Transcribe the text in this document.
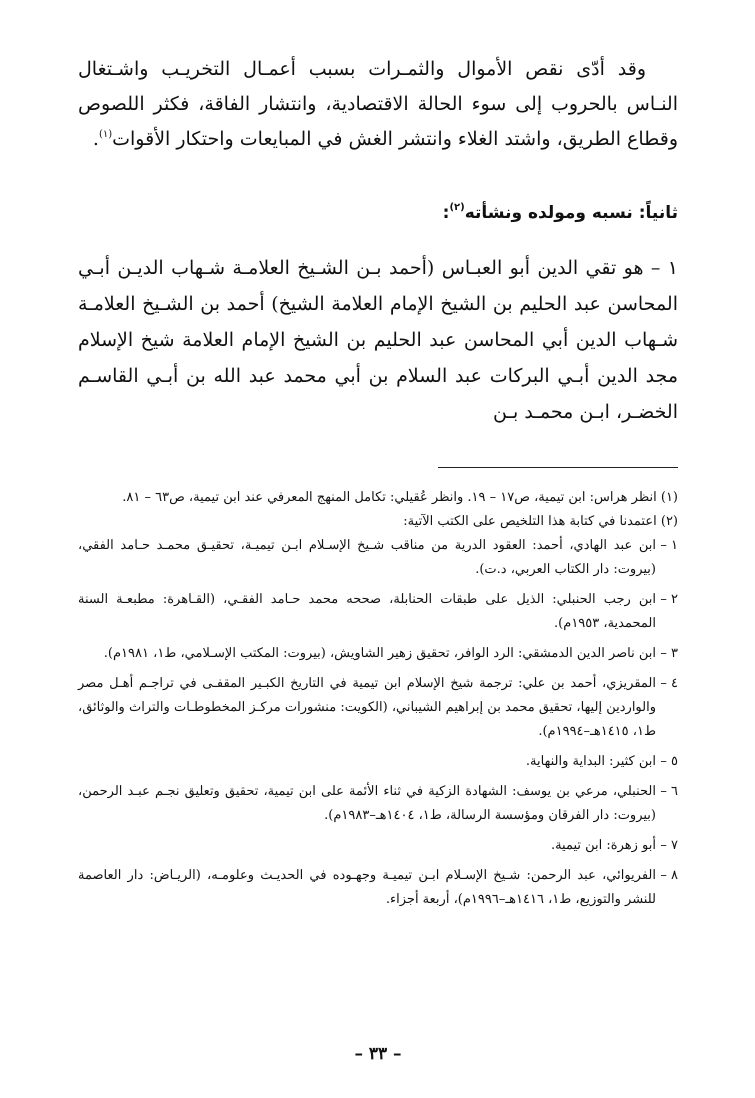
وقد أدّى نقص الأموال والثمـرات بسبب أعمـال التخريـب واشـتغال النـاس بالحروب إلى سوء الحالة الاقتصادية، وانتشار الفاقة، فكثر اللصوص وقطاع الطريق، واشتد الغلاء وانتشر الغش في المبايعات واحتكار الأقوات$^{(١)}$.

ثانياً: نسبه ومولده ونشأته$^{(٢)}$:

١ – هو تقي الدين أبو العبـاس (أحمد بـن الشـيخ العلامـة شـهاب الديـن أبـي المحاسن عبد الحليم بن الشيخ الإمام العلامة الشيخ) أحمد بن الشـيخ العلامـة شـهاب الدين أبي المحاسن عبد الحليم بن الشيخ الإمام العلامة شيخ الإسلام مجد الدين أبـي البركات عبد السلام بن أبي محمد عبد الله بن أبـي القاسـم الخضـر، ابـن محمـد بـن

(١) انظر هراس: ابن تيمية، ص١٧ – ١٩. وانظر عُقيلي: تكامل المنهج المعرفي عند ابن تيمية، ص٦٣ – ٨١.

(٢) اعتمدنا في كتابة هذا التلخيص على الكتب الآتية:

١ –
ابن عبد الهادي، أحمد: العقود الدرية من مناقب شـيخ الإسـلام ابـن تيميـة، تحقيـق محمـد حـامد الفقي، (بيروت: دار الكتاب العربي، د.ت).
٢ –
ابن رجب الحنبلي: الذيل على طبقات الحنابلة، صححه محمد حـامد الفقـي، (القـاهرة: مطبعـة السنة المحمدية، ١٩٥٣م).
٣ –
ابن ناصر الدين الدمشقي: الرد الوافر، تحقيق زهير الشاويش، (بيروت: المكتب الإسـلامي، ط١، ١٩٨١م).
٤ –
المقريزي، أحمد بن علي: ترجمة شيخ الإسلام ابن تيمية في التاريخ الكبـير المقفـى في تراجـم أهـل مصر والواردين إليها، تحقيق محمد بن إبراهيم الشيباني، (الكويت: منشورات مركـز المخطوطـات والتراث والوثائق، ط١، ١٤١٥هـ–١٩٩٤م).
٥ –
ابن كثير: البداية والنهاية.
٦ –
الحنبلي، مرعي بن يوسف: الشهادة الزكية في ثناء الأئمة على ابن تيمية، تحقيق وتعليق نجـم عبـد الرحمن، (بيروت: دار الفرقان ومؤسسة الرسالة، ط١، ١٤٠٤هـ–١٩٨٣م).
٧ –
أبو زهرة: ابن تيمية.
٨ –
الفريوائي، عبد الرحمن: شـيخ الإسـلام ابـن تيميـة وجهـوده في الحديـث وعلومـه، (الريـاض: دار العاصمة للنشر والتوزيع، ط١، ١٤١٦هـ–١٩٩٦م)، أربعة أجزاء.
– ٣٣ –
